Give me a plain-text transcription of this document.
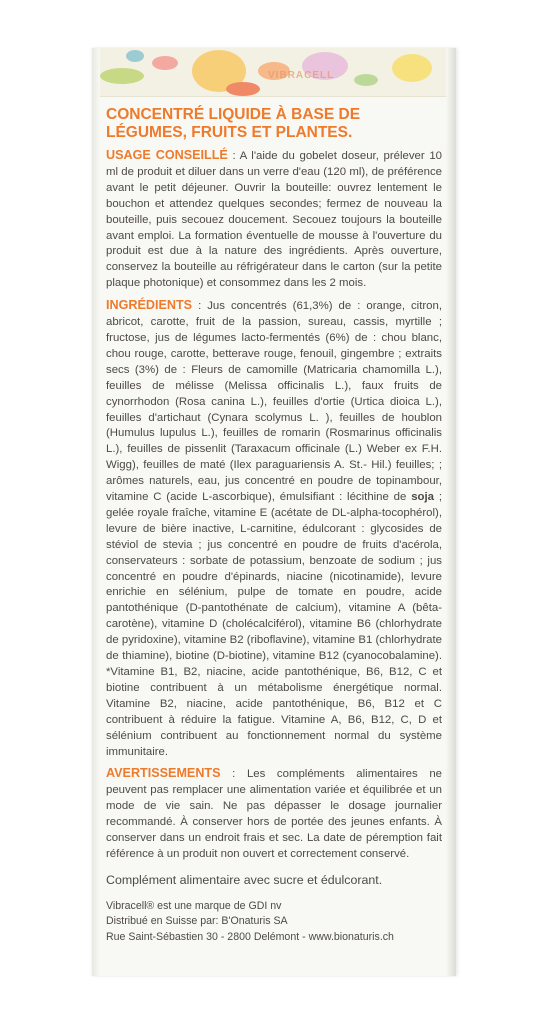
VIBRACELL
CONCENTRÉ LIQUIDE À BASE DE LÉGUMES, FRUITS ET PLANTES.

USAGE CONSEILLÉ : A l'aide du gobelet doseur, prélever 10 ml de produit et diluer dans un verre d'eau (120 ml), de préférence avant le petit déjeuner. Ouvrir la bouteille: ouvrez lentement le bouchon et attendez quelques secondes; fermez de nouveau la bouteille, puis secouez doucement. Secouez toujours la bouteille avant emploi. La formation éventuelle de mousse à l'ouverture du produit est due à la nature des ingrédients. Après ouverture, conservez la bouteille au réfrigérateur dans le carton (sur la petite plaque photonique) et consommez dans les 2 mois.

INGRÉDIENTS : Jus concentrés (61,3%) de : orange, citron, abricot, carotte, fruit de la passion, sureau, cassis, myrtille ; fructose, jus de légumes lacto-fermentés (6%) de : chou blanc, chou rouge, carotte, betterave rouge, fenouil, gingembre ; extraits secs (3%) de : Fleurs de camomille (Matricaria chamomilla L.), feuilles de mélisse (Melissa officinalis L.), faux fruits de cynorrhodon (Rosa canina L.), feuilles d'ortie (Urtica dioica L.), feuilles d'artichaut (Cynara scolymus L. ), feuilles de houblon (Humulus lupulus L.), feuilles de romarin (Rosmarinus officinalis L.), feuilles de pissenlit (Taraxacum officinale (L.) Weber ex F.H. Wigg), feuilles de maté (Ilex paraguariensis A. St.- Hil.) feuilles; ; arômes naturels, eau, jus concentré en poudre de topinambour, vitamine C (acide L-ascorbique), émulsifiant : lécithine de soja ; gelée royale fraîche, vitamine E (acétate de DL-alpha-tocophérol), levure de bière inactive, L-carnitine, édulcorant : glycosides de stéviol de stevia ; jus concentré en poudre de fruits d'acérola, conservateurs : sorbate de potassium, benzoate de sodium ; jus concentré en poudre d'épinards, niacine (nicotinamide), levure enrichie en sélénium, pulpe de tomate en poudre, acide pantothénique (D-pantothénate de calcium), vitamine A (bêta-carotène), vitamine D (cholécalciférol), vitamine B6 (chlorhydrate de pyridoxine), vitamine B2 (riboflavine), vitamine B1 (chlorhydrate de thiamine), biotine (D-biotine), vitamine B12 (cyanocobalamine). *Vitamine B1, B2, niacine, acide pantothénique, B6, B12, C et biotine contribuent à un métabolisme énergétique normal. Vitamine B2, niacine, acide pantothénique, B6, B12 et C contribuent à réduire la fatigue. Vitamine A, B6, B12, C, D et sélénium contribuent au fonctionnement normal du système immunitaire.

AVERTISSEMENTS : Les compléments alimentaires ne peuvent pas remplacer une alimentation variée et équilibrée et un mode de vie sain. Ne pas dépasser le dosage journalier recommandé. À conserver hors de portée des jeunes enfants. À conserver dans un endroit frais et sec. La date de péremption fait référence à un produit non ouvert et correctement conservé.

Complément alimentaire avec sucre et édulcorant.
Vibracell® est une marque de GDI nv
Distribué en Suisse par: B'Onaturis SA
Rue Saint-Sébastien 30 - 2800 Delémont - www.bionaturis.ch
